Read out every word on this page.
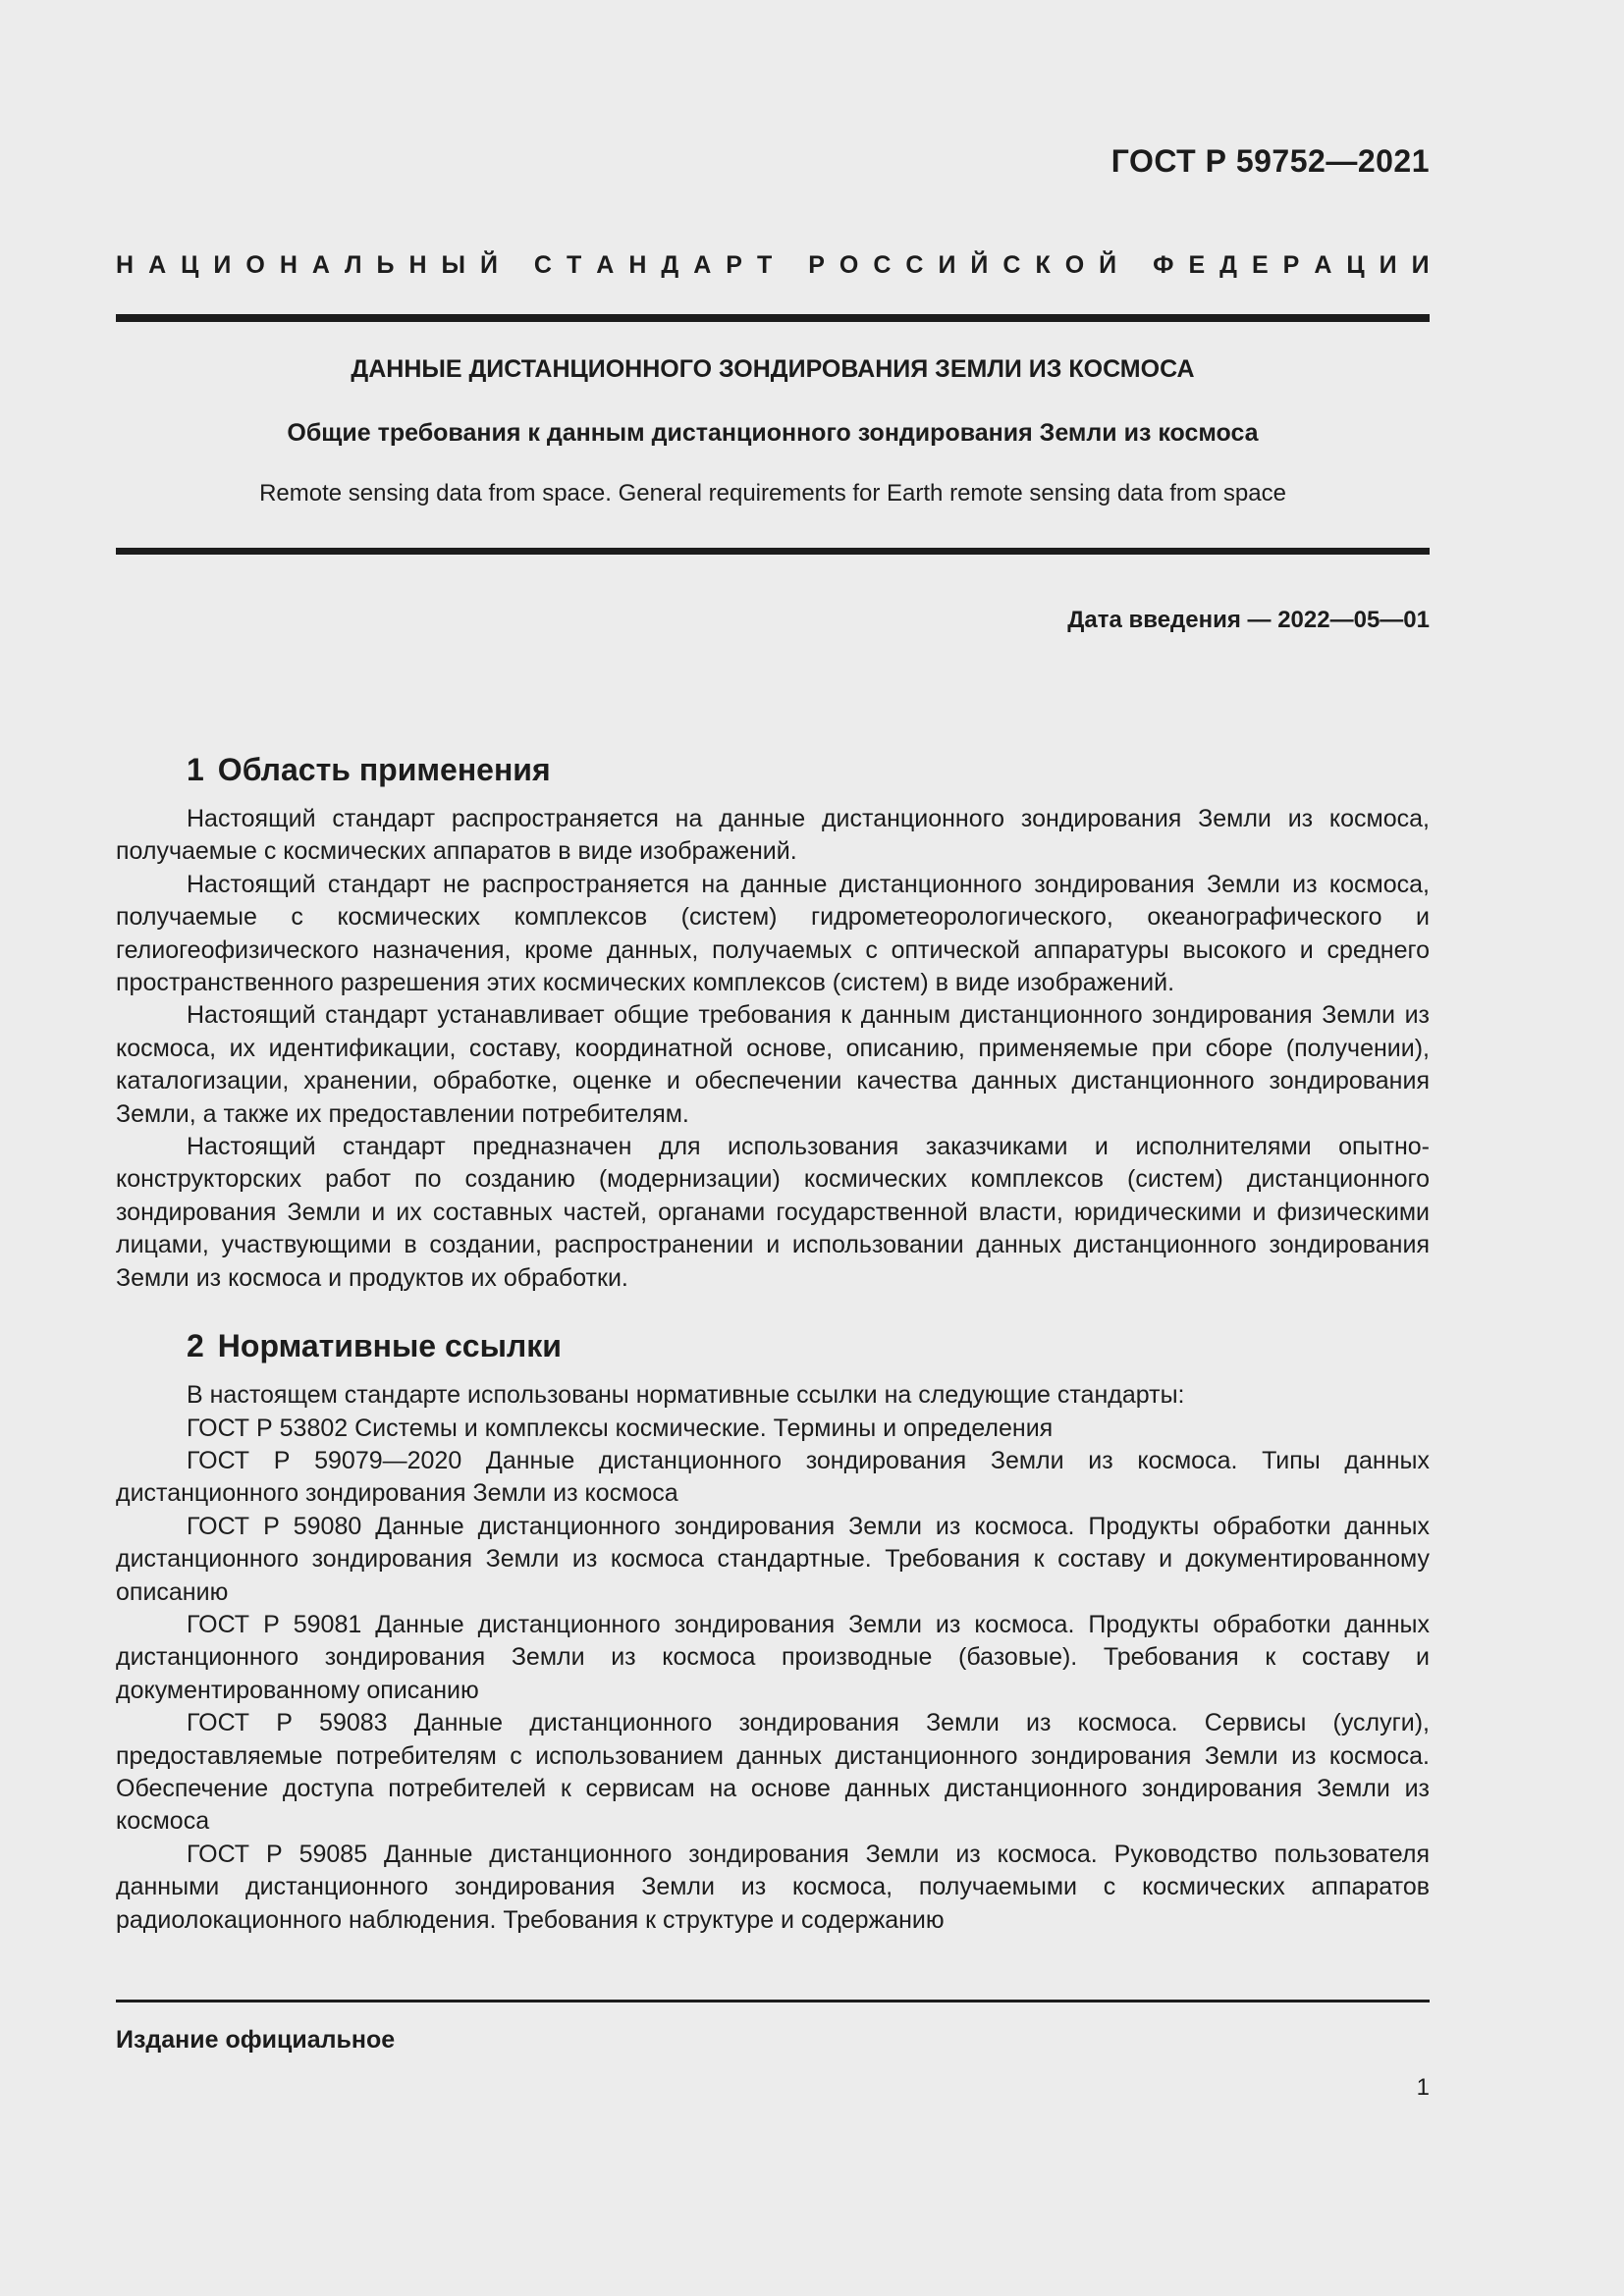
ГОСТ Р 59752—2021
Н А Ц И О Н А Л Ь Н Ы Й
С Т А Н Д А Р Т
Р О С С И Й С К О Й
Ф Е Д Е Р А Ц И И
ДАННЫЕ ДИСТАНЦИОННОГО ЗОНДИРОВАНИЯ ЗЕМЛИ ИЗ КОСМОСА
Общие требования к данным дистанционного зондирования Земли из космоса
Remote sensing data from space. General requirements for Earth remote sensing data from space
Дата введения — 2022—05—01
1 Область применения

Настоящий стандарт распространяется на данные дистанционного зондирования Земли из космоса, получаемые с космических аппаратов в виде изображений.

Настоящий стандарт не распространяется на данные дистанционного зондирования Земли из космоса, получаемые с космических комплексов (систем) гидрометеорологического, океанографического и гелиогеофизического назначения, кроме данных, получаемых с оптической аппаратуры высокого и среднего пространственного разрешения этих космических комплексов (систем) в виде изображений.

Настоящий стандарт устанавливает общие требования к данным дистанционного зондирования Земли из космоса, их идентификации, составу, координатной основе, описанию, применяемые при сборе (получении), каталогизации, хранении, обработке, оценке и обеспечении качества данных дистанционного зондирования Земли, а также их предоставлении потребителям.

Настоящий стандарт предназначен для использования заказчиками и исполнителями опытно-конструкторских работ по созданию (модернизации) космических комплексов (систем) дистанционного зондирования Земли и их составных частей, органами государственной власти, юридическими и физическими лицами, участвующими в создании, распространении и использовании данных дистанционного зондирования Земли из космоса и продуктов их обработки.

2 Нормативные ссылки

В настоящем стандарте использованы нормативные ссылки на следующие стандарты:

ГОСТ Р 53802 Системы и комплексы космические. Термины и определения

ГОСТ Р 59079—2020 Данные дистанционного зондирования Земли из космоса. Типы данных дистанционного зондирования Земли из космоса

ГОСТ Р 59080 Данные дистанционного зондирования Земли из космоса. Продукты обработки данных дистанционного зондирования Земли из космоса стандартные. Требования к составу и документированному описанию

ГОСТ Р 59081 Данные дистанционного зондирования Земли из космоса. Продукты обработки данных дистанционного зондирования Земли из космоса производные (базовые). Требования к составу и документированному описанию

ГОСТ Р 59083 Данные дистанционного зондирования Земли из космоса. Сервисы (услуги), предоставляемые потребителям с использованием данных дистанционного зондирования Земли из космоса. Обеспечение доступа потребителей к сервисам на основе данных дистанционного зондирования Земли из космоса

ГОСТ Р 59085 Данные дистанционного зондирования Земли из космоса. Руководство пользователя данными дистанционного зондирования Земли из космоса, получаемыми с космических аппаратов радиолокационного наблюдения. Требования к структуре и содержанию

Издание официальное
1
